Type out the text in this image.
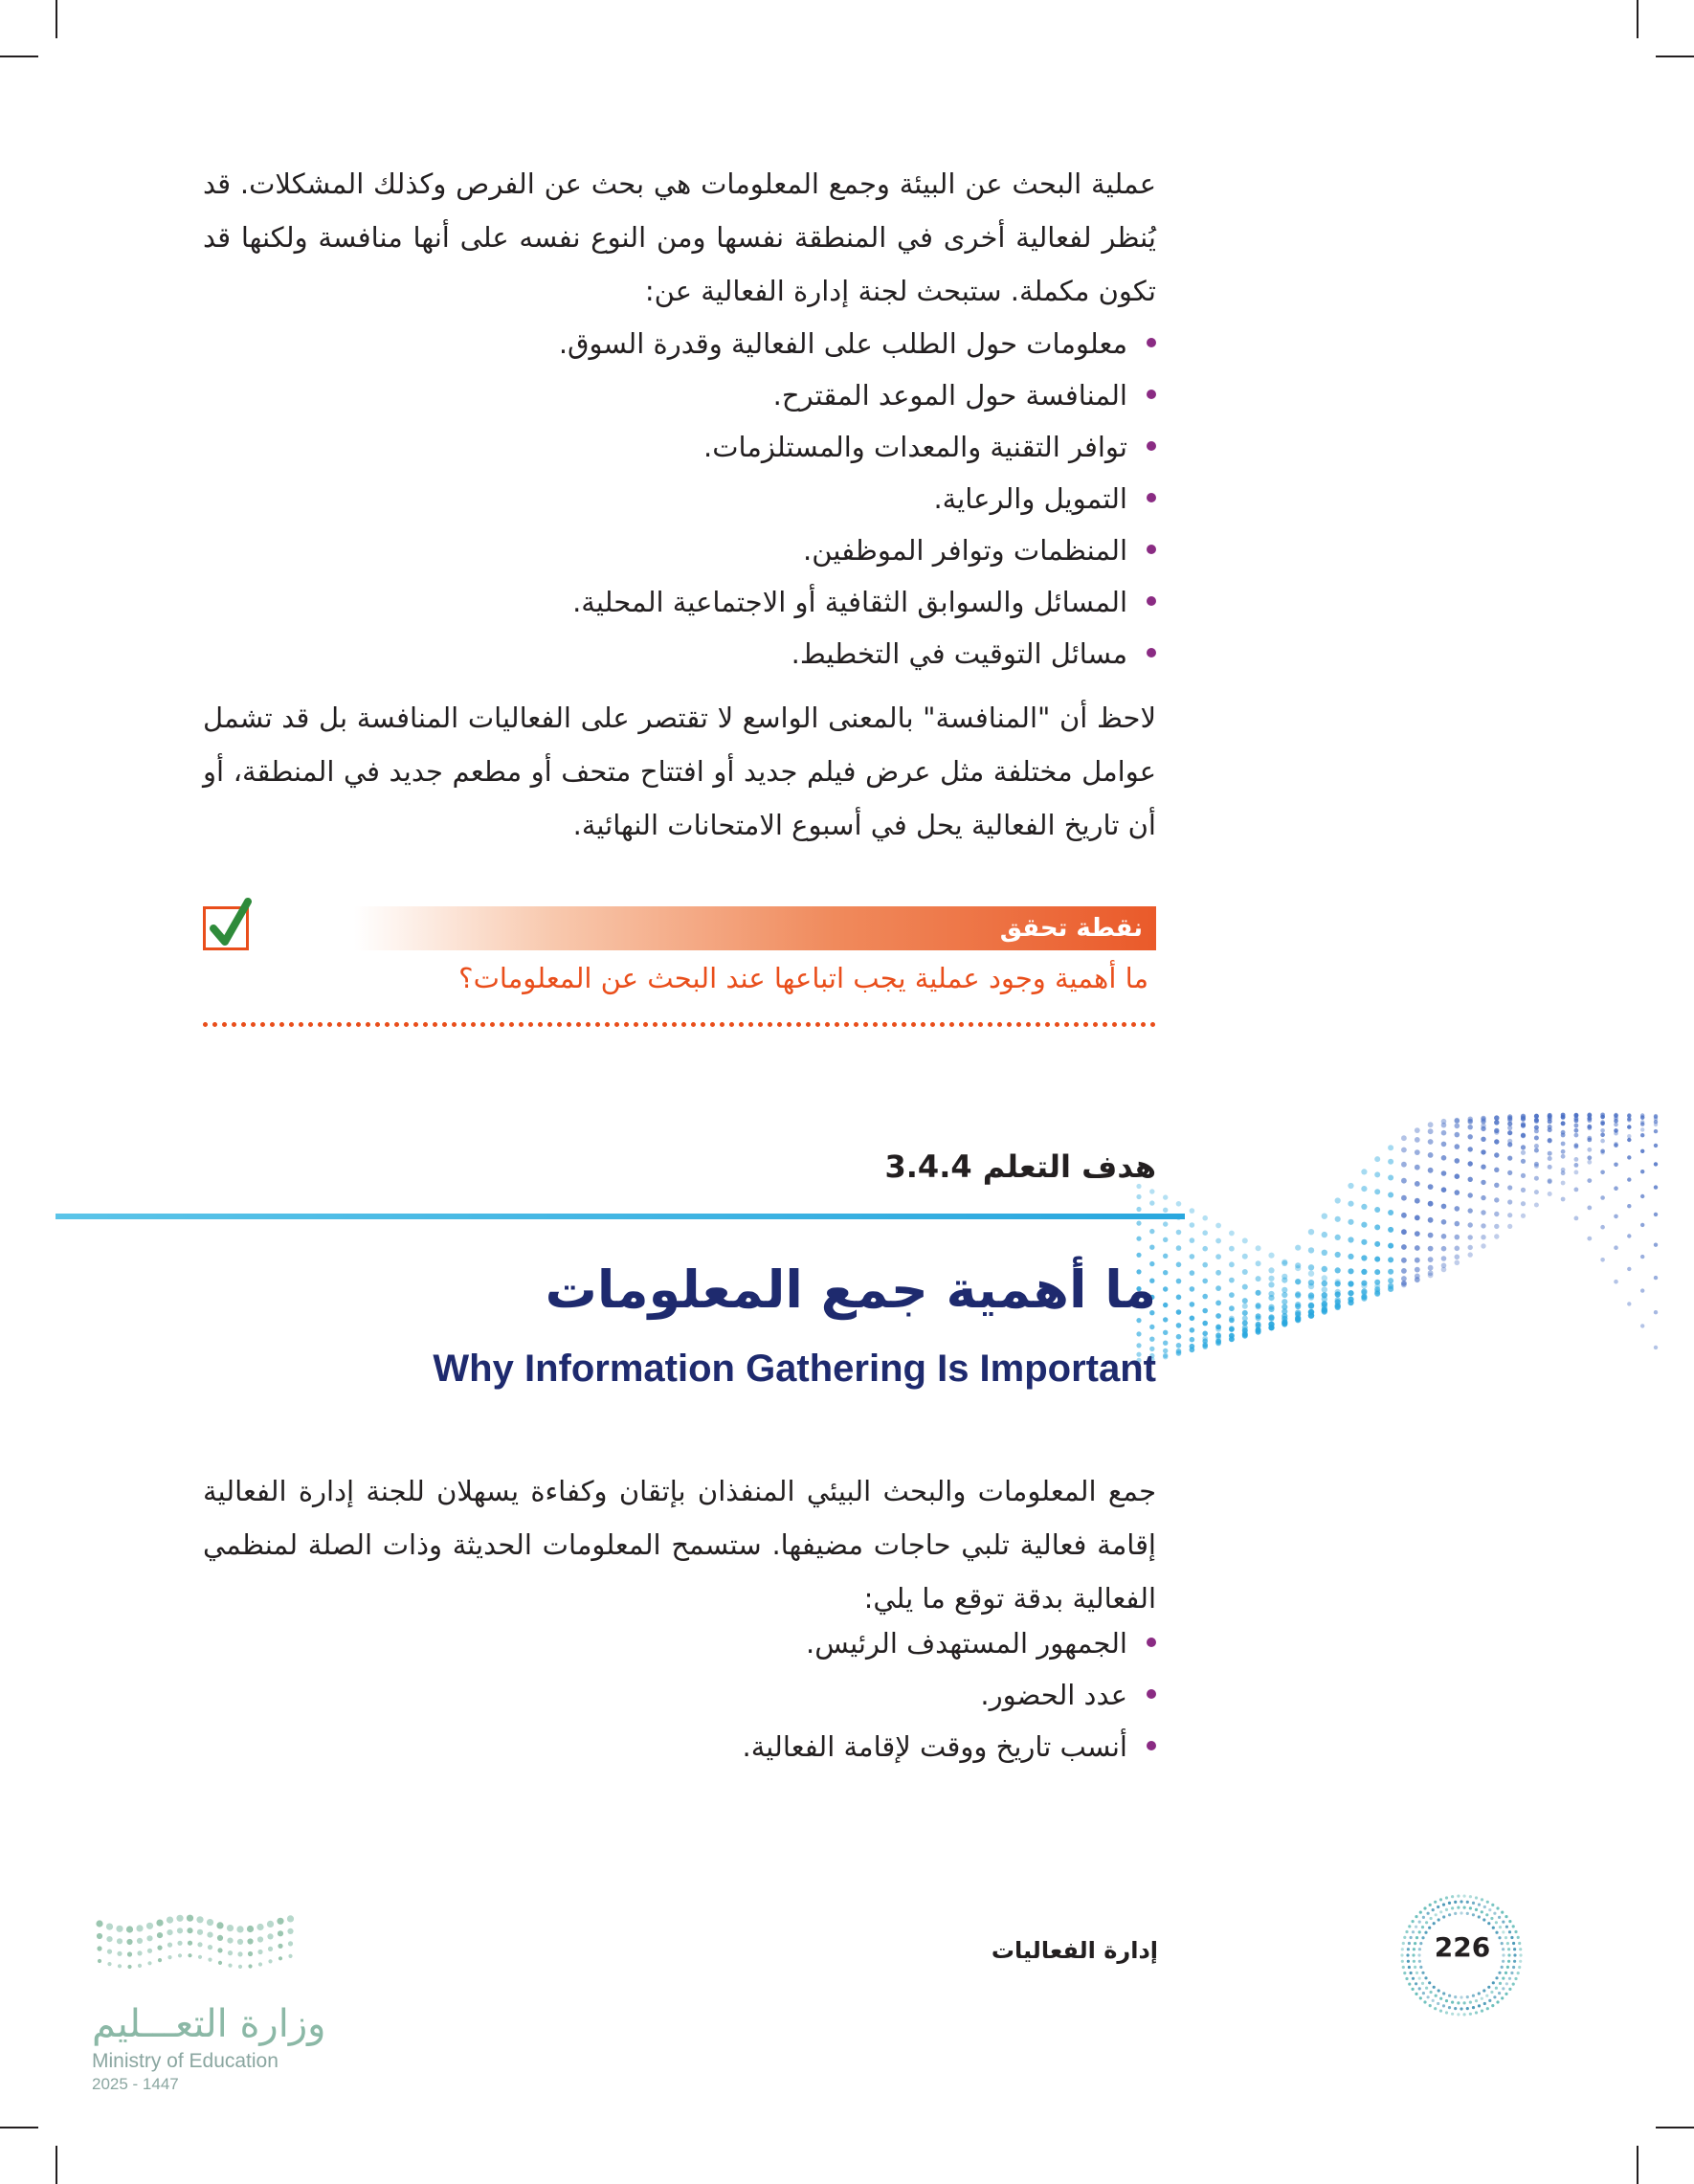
عملية البحث عن البيئة وجمع المعلومات هي بحث عن الفرص وكذلك المشكلات. قد يُنظر لفعالية أخرى في المنطقة نفسها ومن النوع نفسه على أنها منافسة ولكنها قد تكون مكملة. ستبحث لجنة إدارة الفعالية عن:
معلومات حول الطلب على الفعالية وقدرة السوق.
المنافسة حول الموعد المقترح.
توافر التقنية والمعدات والمستلزمات.
التمويل والرعاية.
المنظمات وتوافر الموظفين.
المسائل والسوابق الثقافية أو الاجتماعية المحلية.
مسائل التوقيت في التخطيط.
لاحظ أن "المنافسة" بالمعنى الواسع لا تقتصر على الفعاليات المنافسة بل قد تشمل عوامل مختلفة مثل عرض فيلم جديد أو افتتاح متحف أو مطعم جديد في المنطقة، أو أن تاريخ الفعالية يحل في أسبوع الامتحانات النهائية.
نقطة تحقق
ما أهمية وجود عملية يجب اتباعها عند البحث عن المعلومات؟
هدف التعلم 3.4.4
ما أهمية جمع المعلومات
Why Information Gathering Is Important
جمع المعلومات والبحث البيئي المنفذان بإتقان وكفاءة يسهلان للجنة إدارة الفعالية إقامة فعالية تلبي حاجات مضيفها. ستسمح المعلومات الحديثة وذات الصلة لمنظمي الفعالية بدقة توقع ما يلي:
الجمهور المستهدف الرئيس.
عدد الحضور.
أنسب تاريخ ووقت لإقامة الفعالية.
226
إدارة الفعاليات
وزارة التعـــليم
Ministry of Education
2025 - 1447
